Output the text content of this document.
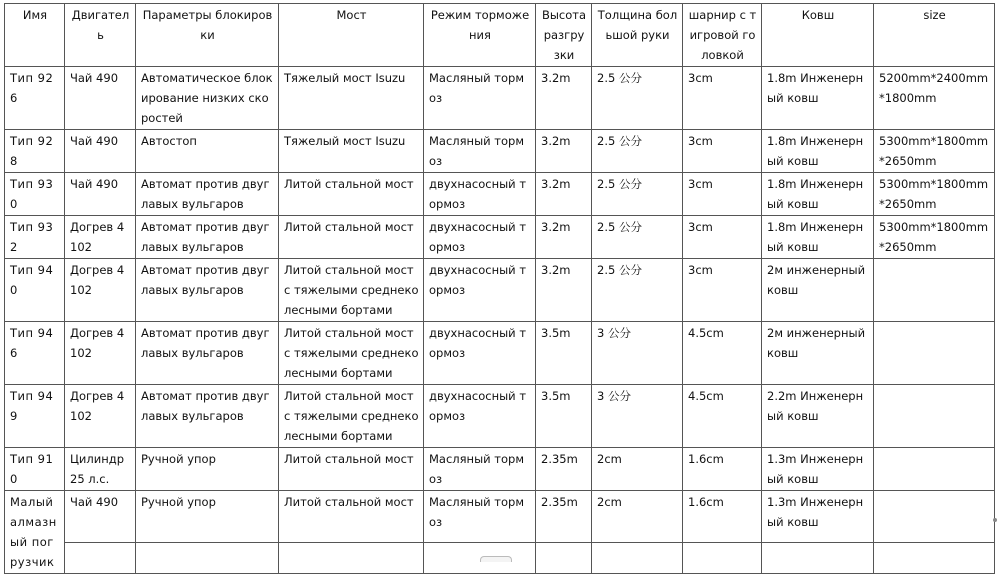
Имя	Двигатель	Параметры блокировки	Мост	Режим торможения	Высота разгрузки	Толщина большой руки	шарнир с тигровой головкой	Ковш	size
Тип 926	Чай 490	Автоматическое блокирование низких скоростей	Тяжелый мост Isuzu	Масляный тормоз	3.2m	2.5 公分	3cm	1.8m Инженерный ковш	5200mm*2400mm*1800mm
Тип 928	Чай 490	Автостоп	Тяжелый мост Isuzu	Масляный тормоз	3.2m	2.5 公分	3cm	1.8m Инженерный ковш	5300mm*1800mm*2650mm
Тип 930	Чай 490	Автомат против двуглавых вульгаров	Литой стальной мост	двухнасосный тормоз	3.2m	2.5 公分	3cm	1.8m Инженерный ковш	5300mm*1800mm*2650mm
Тип 932	Догрев 4102	Автомат против двуглавых вульгаров	Литой стальной мост	двухнасосный тормоз	3.2m	2.5 公分	3cm	1.8m Инженерный ковш	5300mm*1800mm*2650mm
Тип 940	Догрев 4102	Автомат против двуглавых вульгаров	Литой стальной мост с тяжелыми среднеколесными бортами	двухнасосный тормоз	3.2m	2.5 公分	3cm	2м инженерный ковш	
Тип 946	Догрев 4102	Автомат против двуглавых вульгаров	Литой стальной мост с тяжелыми среднеколесными бортами	двухнасосный тормоз	3.5m	3 公分	4.5cm	2м инженерный ковш	
Тип 949	Догрев 4102	Автомат против двуглавых вульгаров	Литой стальной мост с тяжелыми среднеколесными бортами	двухнасосный тормоз	3.5m	3 公分	4.5cm	2.2m Инженерный ковш	
Тип 910	Цилиндр 25 л.с.	Ручной упор	Литой стальной мост	Масляный тормоз	2.35m	2cm	1.6cm	1.3m Инженерный ковш	
Малый алмазный погрузчик	Чай 490	Ручной упор	Литой стальной мост	Масляный тормоз	2.35m	2cm	1.6cm	1.3m Инженерный ковш	
